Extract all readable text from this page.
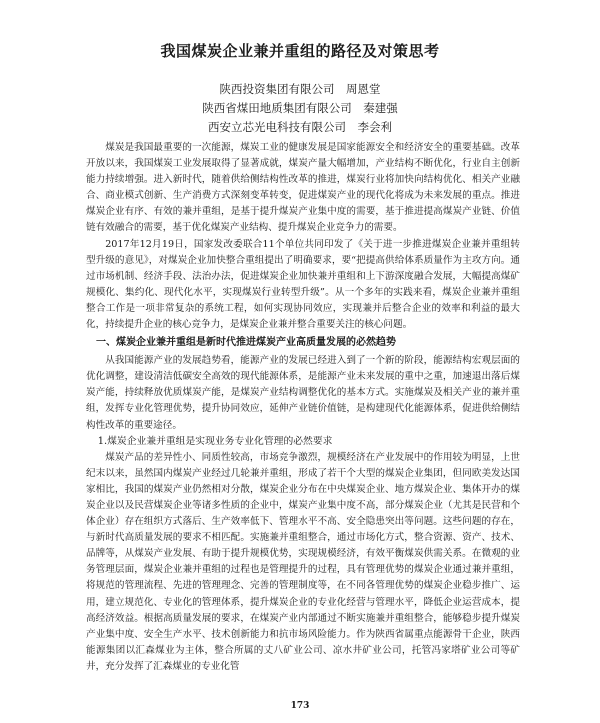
我国煤炭企业兼并重组的路径及对策思考
陕西投资集团有限公司　周恩堂
陕西省煤田地质集团有限公司　秦建强
西安立芯光电科技有限公司　李会利

煤炭是我国最重要的一次能源，煤炭工业的健康发展是国家能源安全和经济安全的重要基础。改革开放以来，我国煤炭工业发展取得了显著成就，煤炭产量大幅增加，产业结构不断优化，行业自主创新能力持续增强。进入新时代，随着供给侧结构性改革的推进，煤炭行业将加快向结构优化、相关产业融合、商业模式创新、生产消费方式深刻变革转变，促进煤炭产业的现代化将成为未来发展的重点。推进煤炭企业有序、有效的兼并重组，是基于提升煤炭产业集中度的需要，基于推进提高煤炭产业链、价值链有效融合的需要，基于优化煤炭产业结构、提升煤炭企业竞争力的需要。

2017年12月19日，国家发改委联合11个单位共同印发了《关于进一步推进煤炭企业兼并重组转型升级的意见》，对煤炭企业加快整合重组提出了明确要求，要“把提高供给体系质量作为主攻方向。通过市场机制、经济手段、法治办法，促进煤炭企业加快兼并重组和上下游深度融合发展，大幅提高煤矿规模化、集约化、现代化水平，实现煤炭行业转型升级”。从一个多年的实践来看，煤炭企业兼并重组整合工作是一项非常复杂的系统工程，如何实现协同效应，实现兼并后整合企业的效率和利益的最大化，持续提升企业的核心竞争力，是煤炭企业兼并整合重要关注的核心问题。

一、煤炭企业兼并重组是新时代推进煤炭产业高质量发展的必然趋势

从我国能源产业的发展趋势看，能源产业的发展已经进入到了一个新的阶段，能源结构宏观层面的优化调整，建设清洁低碳安全高效的现代能源体系，是能源产业未来发展的重中之重，加速退出落后煤炭产能，持续释放优质煤炭产能，是煤炭产业结构调整优化的基本方式。实施煤炭及相关产业的兼并重组，发挥专业化管理优势，提升协同效应，延伸产业链价值链，是构建现代化能源体系，促进供给侧结构性改革的重要途径。

1.煤炭企业兼并重组是实现业务专业化管理的必然要求

煤炭产品的差异性小、同质性较高，市场竞争激烈，规模经济在产业发展中的作用较为明显，上世纪末以来，虽然国内煤炭产业经过几轮兼并重组，形成了若干个大型的煤炭企业集团，但同欧美发达国家相比，我国的煤炭产业仍然相对分散，煤炭企业分布在中央煤炭企业、地方煤炭企业、集体开办的煤炭企业以及民营煤炭企业等诸多性质的企业中，煤炭产业集中度不高，部分煤炭企业（尤其是民营和个体企业）存在组织方式落后、生产效率低下、管理水平不高、安全隐患突出等问题。这些问题的存在，与新时代高质量发展的要求不相匹配。实施兼并重组整合，通过市场化方式，整合资源、资产、技术、品牌等，从煤炭产业发展、有助于提升规模优势，实现规模经济，有效平衡煤炭供需关系。在微观的业务管理层面，煤炭企业兼并重组的过程也是管理提升的过程，具有管理优势的煤炭企业通过兼并重组，将规范的管理流程、先进的管理理念、完善的管理制度等，在不同各管理优势的煤炭企业稳步推广、运用，建立规范化、专业化的管理体系，提升煤炭企业的专业化经营与管理水平，降低企业运营成本，提高经济效益。根据高质量发展的要求，在煤炭产业内部通过不断实施兼并重组整合，能够稳步提升煤炭产业集中度、安全生产水平、技术创新能力和抗市场风险能力。作为陕西省属重点能源骨干企业，陕西能源集团以汇森煤业为主体，整合所属的丈八矿业公司、凉水井矿业公司，托管冯家塔矿业公司等矿井，充分发挥了汇森煤业的专业化管

173
